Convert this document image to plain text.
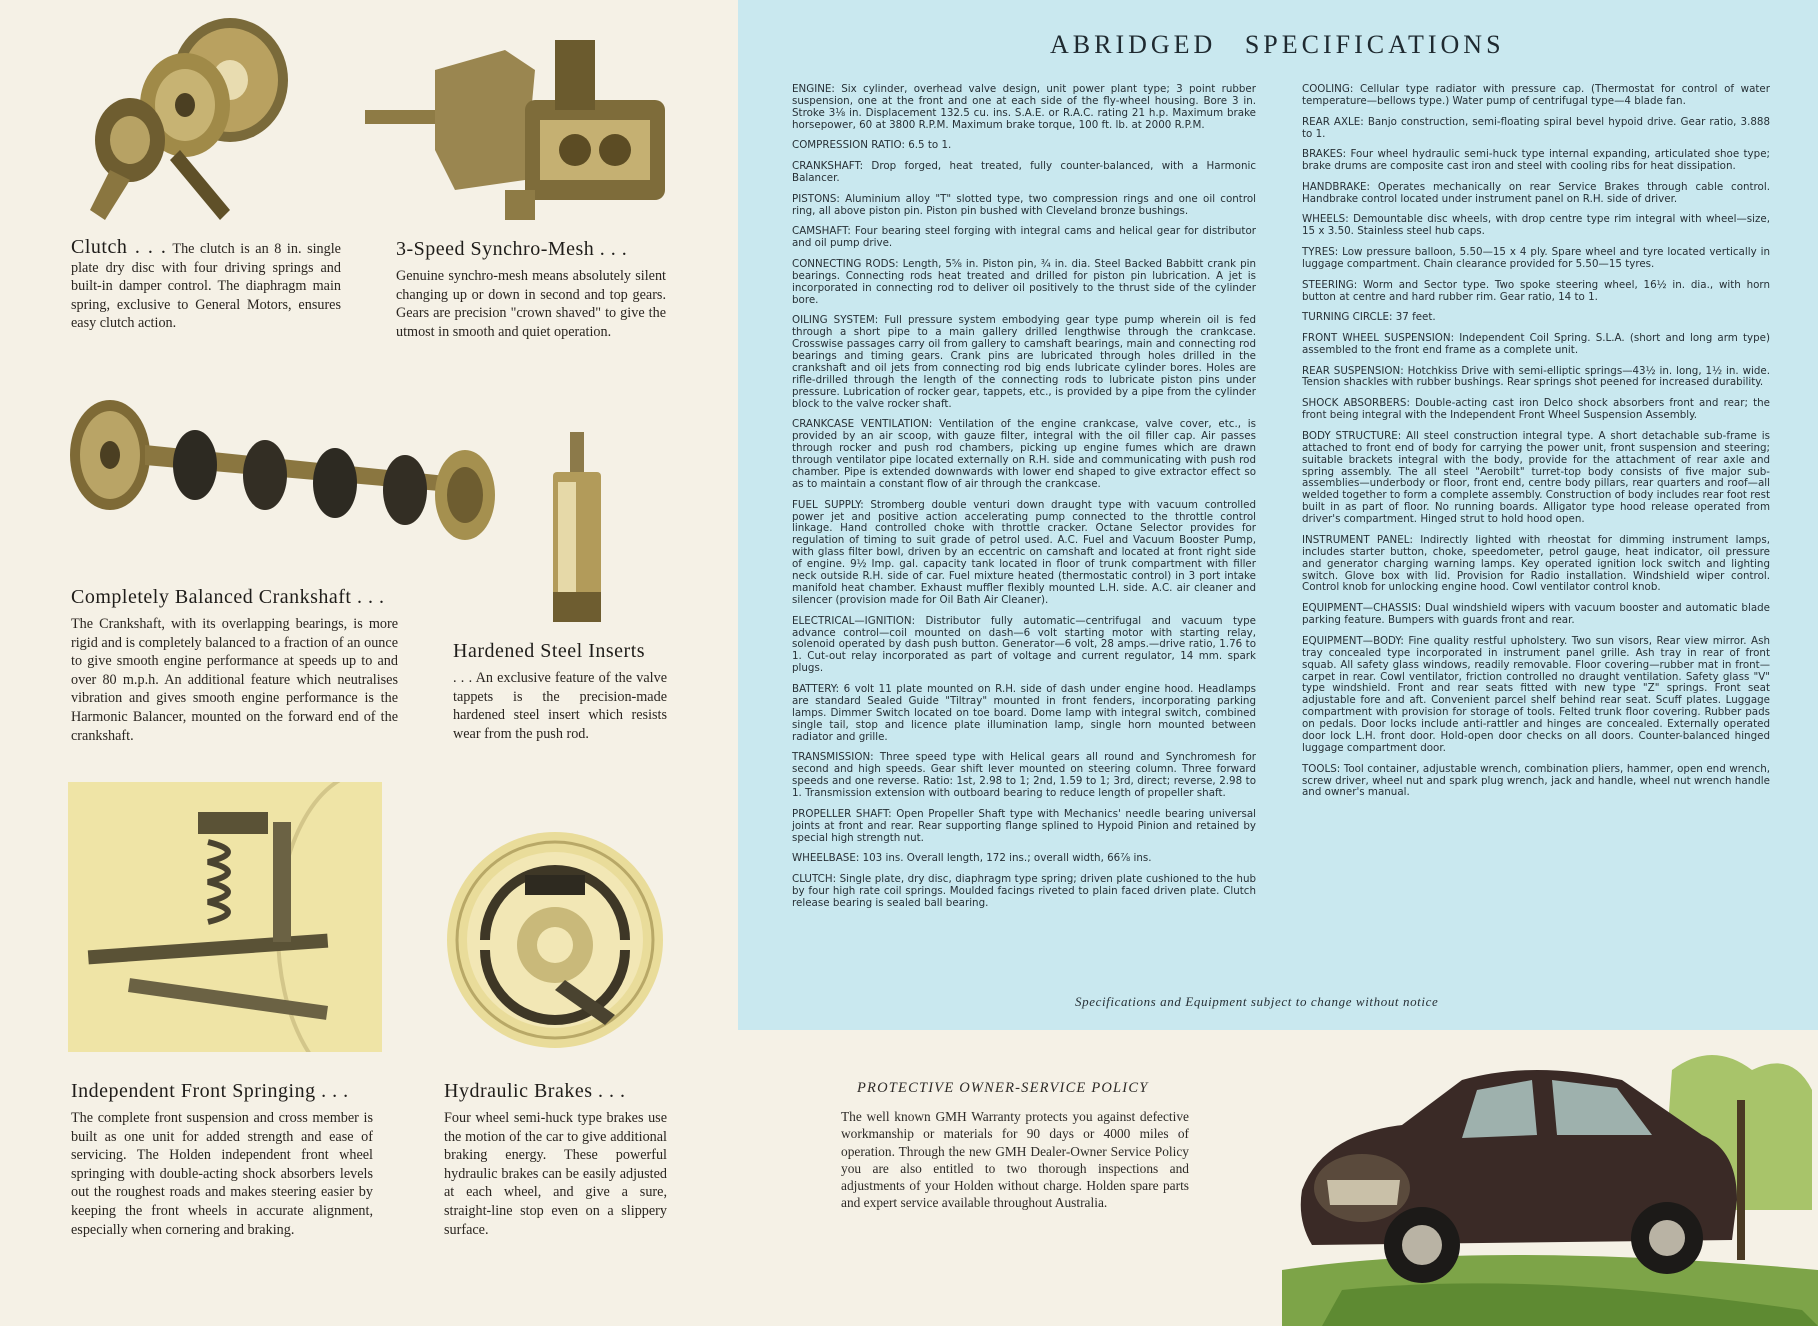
Clutch . . . The clutch is an 8 in. single plate dry disc with four driving springs and built-in damper control. The diaphragm main spring, exclusive to General Motors, ensures easy clutch action.

3-Speed Synchro-Mesh . . .

Genuine synchro-mesh means absolutely silent changing up or down in second and top gears. Gears are precision "crown shaved" to give the utmost in smooth and quiet operation.

Completely Balanced Crankshaft . . .

The Crankshaft, with its overlapping bearings, is more rigid and is completely balanced to a fraction of an ounce to give smooth engine performance at speeds up to and over 80 m.p.h. An additional feature which neutralises vibration and gives smooth engine performance is the Harmonic Balancer, mounted on the forward end of the crankshaft.

Hardened Steel Inserts

. . . An exclusive feature of the valve tappets is the precision-made hardened steel insert which resists wear from the push rod.

Independent Front Springing . . .

The complete front suspension and cross member is built as one unit for added strength and ease of servicing. The Holden independent front wheel springing with double-acting shock absorbers levels out the roughest roads and makes steering easier by keeping the front wheels in accurate alignment, especially when cornering and braking.

Hydraulic Brakes . . .

Four wheel semi-huck type brakes use the motion of the car to give additional braking energy. These powerful hydraulic brakes can be easily adjusted at each wheel, and give a sure, straight-line stop even on a slippery surface.

ABRIDGED SPECIFICATIONS

ENGINE: Six cylinder, overhead valve design, unit power plant type; 3 point rubber suspension, one at the front and one at each side of the fly-wheel housing. Bore 3 in. Stroke 3⅛ in. Displacement 132.5 cu. ins. S.A.E. or R.A.C. rating 21 h.p. Maximum brake horsepower, 60 at 3800 R.P.M. Maximum brake torque, 100 ft. lb. at 2000 R.P.M.

COMPRESSION RATIO: 6.5 to 1.

CRANKSHAFT: Drop forged, heat treated, fully counter-balanced, with a Harmonic Balancer.

PISTONS: Aluminium alloy "T" slotted type, two compression rings and one oil control ring, all above piston pin. Piston pin bushed with Cleveland bronze bushings.

CAMSHAFT: Four bearing steel forging with integral cams and helical gear for distributor and oil pump drive.

CONNECTING RODS: Length, 5⅝ in. Piston pin, ¾ in. dia. Steel Backed Babbitt crank pin bearings. Connecting rods heat treated and drilled for piston pin lubrication. A jet is incorporated in connecting rod to deliver oil positively to the thrust side of the cylinder bore.

OILING SYSTEM: Full pressure system embodying gear type pump wherein oil is fed through a short pipe to a main gallery drilled lengthwise through the crankcase. Crosswise passages carry oil from gallery to camshaft bearings, main and connecting rod bearings and timing gears. Crank pins are lubricated through holes drilled in the crankshaft and oil jets from connecting rod big ends lubricate cylinder bores. Holes are rifle-drilled through the length of the connecting rods to lubricate piston pins under pressure. Lubrication of rocker gear, tappets, etc., is provided by a pipe from the cylinder block to the valve rocker shaft.

CRANKCASE VENTILATION: Ventilation of the engine crankcase, valve cover, etc., is provided by an air scoop, with gauze filter, integral with the oil filler cap. Air passes through rocker and push rod chambers, picking up engine fumes which are drawn through ventilator pipe located externally on R.H. side and communicating with push rod chamber. Pipe is extended downwards with lower end shaped to give extractor effect so as to maintain a constant flow of air through the crankcase.

FUEL SUPPLY: Stromberg double venturi down draught type with vacuum controlled power jet and positive action accelerating pump connected to the throttle control linkage. Hand controlled choke with throttle cracker. Octane Selector provides for regulation of timing to suit grade of petrol used. A.C. Fuel and Vacuum Booster Pump, with glass filter bowl, driven by an eccentric on camshaft and located at front right side of engine. 9½ Imp. gal. capacity tank located in floor of trunk compartment with filler neck outside R.H. side of car. Fuel mixture heated (thermostatic control) in 3 port intake manifold heat chamber. Exhaust muffler flexibly mounted L.H. side. A.C. air cleaner and silencer (provision made for Oil Bath Air Cleaner).

ELECTRICAL—IGNITION: Distributor fully automatic—centrifugal and vacuum type advance control—coil mounted on dash—6 volt starting motor with starting relay, solenoid operated by dash push button. Generator—6 volt, 28 amps.—drive ratio, 1.76 to 1. Cut-out relay incorporated as part of voltage and current regulator, 14 mm. spark plugs.

BATTERY: 6 volt 11 plate mounted on R.H. side of dash under engine hood. Headlamps are standard Sealed Guide "Tiltray" mounted in front fenders, incorporating parking lamps. Dimmer Switch located on toe board. Dome lamp with integral switch, combined single tail, stop and licence plate illumination lamp, single horn mounted between radiator and grille.

TRANSMISSION: Three speed type with Helical gears all round and Synchromesh for second and high speeds. Gear shift lever mounted on steering column. Three forward speeds and one reverse. Ratio: 1st, 2.98 to 1; 2nd, 1.59 to 1; 3rd, direct; reverse, 2.98 to 1. Transmission extension with outboard bearing to reduce length of propeller shaft.

PROPELLER SHAFT: Open Propeller Shaft type with Mechanics' needle bearing universal joints at front and rear. Rear supporting flange splined to Hypoid Pinion and retained by special high strength nut.

WHEELBASE: 103 ins. Overall length, 172 ins.; overall width, 66⅞ ins.

CLUTCH: Single plate, dry disc, diaphragm type spring; driven plate cushioned to the hub by four high rate coil springs. Moulded facings riveted to plain faced driven plate. Clutch release bearing is sealed ball bearing.

COOLING: Cellular type radiator with pressure cap. (Thermostat for control of water temperature—bellows type.) Water pump of centrifugal type—4 blade fan.

REAR AXLE: Banjo construction, semi-floating spiral bevel hypoid drive. Gear ratio, 3.888 to 1.

BRAKES: Four wheel hydraulic semi-huck type internal expanding, articulated shoe type; brake drums are composite cast iron and steel with cooling ribs for heat dissipation.

HANDBRAKE: Operates mechanically on rear Service Brakes through cable control. Handbrake control located under instrument panel on R.H. side of driver.

WHEELS: Demountable disc wheels, with drop centre type rim integral with wheel—size, 15 x 3.50. Stainless steel hub caps.

TYRES: Low pressure balloon, 5.50—15 x 4 ply. Spare wheel and tyre located vertically in luggage compartment. Chain clearance provided for 5.50—15 tyres.

STEERING: Worm and Sector type. Two spoke steering wheel, 16½ in. dia., with horn button at centre and hard rubber rim. Gear ratio, 14 to 1.

TURNING CIRCLE: 37 feet.

FRONT WHEEL SUSPENSION: Independent Coil Spring. S.L.A. (short and long arm type) assembled to the front end frame as a complete unit.

REAR SUSPENSION: Hotchkiss Drive with semi-elliptic springs—43½ in. long, 1½ in. wide. Tension shackles with rubber bushings. Rear springs shot peened for increased durability.

SHOCK ABSORBERS: Double-acting cast iron Delco shock absorbers front and rear; the front being integral with the Independent Front Wheel Suspension Assembly.

BODY STRUCTURE: All steel construction integral type. A short detachable sub-frame is attached to front end of body for carrying the power unit, front suspension and steering; suitable brackets integral with the body, provide for the attachment of rear axle and spring assembly. The all steel "Aerobilt" turret-top body consists of five major sub-assemblies—underbody or floor, front end, centre body pillars, rear quarters and roof—all welded together to form a complete assembly. Construction of body includes rear foot rest built in as part of floor. No running boards. Alligator type hood release operated from driver's compartment. Hinged strut to hold hood open.

INSTRUMENT PANEL: Indirectly lighted with rheostat for dimming instrument lamps, includes starter button, choke, speedometer, petrol gauge, heat indicator, oil pressure and generator charging warning lamps. Key operated ignition lock switch and lighting switch. Glove box with lid. Provision for Radio installation. Windshield wiper control. Control knob for unlocking engine hood. Cowl ventilator control knob.

EQUIPMENT—CHASSIS: Dual windshield wipers with vacuum booster and automatic blade parking feature. Bumpers with guards front and rear.

EQUIPMENT—BODY: Fine quality restful upholstery. Two sun visors, Rear view mirror. Ash tray concealed type incorporated in instrument panel grille. Ash tray in rear of front squab. All safety glass windows, readily removable. Floor covering—rubber mat in front—carpet in rear. Cowl ventilator, friction controlled no draught ventilation. Safety glass "V" type windshield. Front and rear seats fitted with new type "Z" springs. Front seat adjustable fore and aft. Convenient parcel shelf behind rear seat. Scuff plates. Luggage compartment with provision for storage of tools. Felted trunk floor covering. Rubber pads on pedals. Door locks include anti-rattler and hinges are concealed. Externally operated door lock L.H. front door. Hold-open door checks on all doors. Counter-balanced hinged luggage compartment door.

TOOLS: Tool container, adjustable wrench, combination pliers, hammer, open end wrench, screw driver, wheel nut and spark plug wrench, jack and handle, wheel nut wrench handle and owner's manual.

Specifications and Equipment subject to change without notice
PROTECTIVE OWNER-SERVICE POLICY

The well known GMH Warranty protects you against defective workmanship or materials for 90 days or 4000 miles of operation. Through the new GMH Dealer-Owner Service Policy you are also entitled to two thorough inspections and adjustments of your Holden without charge. Holden spare parts and expert service available throughout Australia.
